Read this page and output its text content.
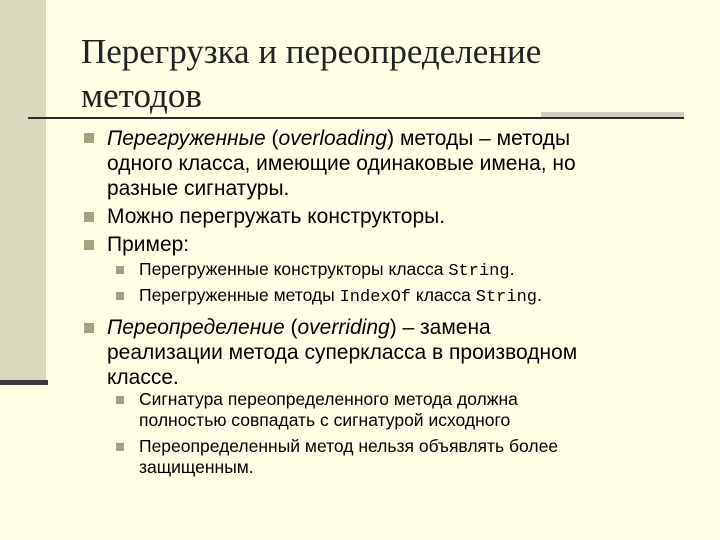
Перегрузка и переопределение
методов
Перегруженные (overloading) методы – методы
одного класса, имеющие одинаковые имена, но
разные сигнатуры.
Можно перегружать конструкторы.
Пример:
Перегруженные конструкторы класса String.
Перегруженные методы IndexOf класса String.
Переопределение (overriding) – замена
реализации метода суперкласса в производном
классе.
Сигнатура переопределенного метода должна
полностью совпадать с сигнатурой исходного
Переопределенный метод нельзя объявлять более
защищенным.
